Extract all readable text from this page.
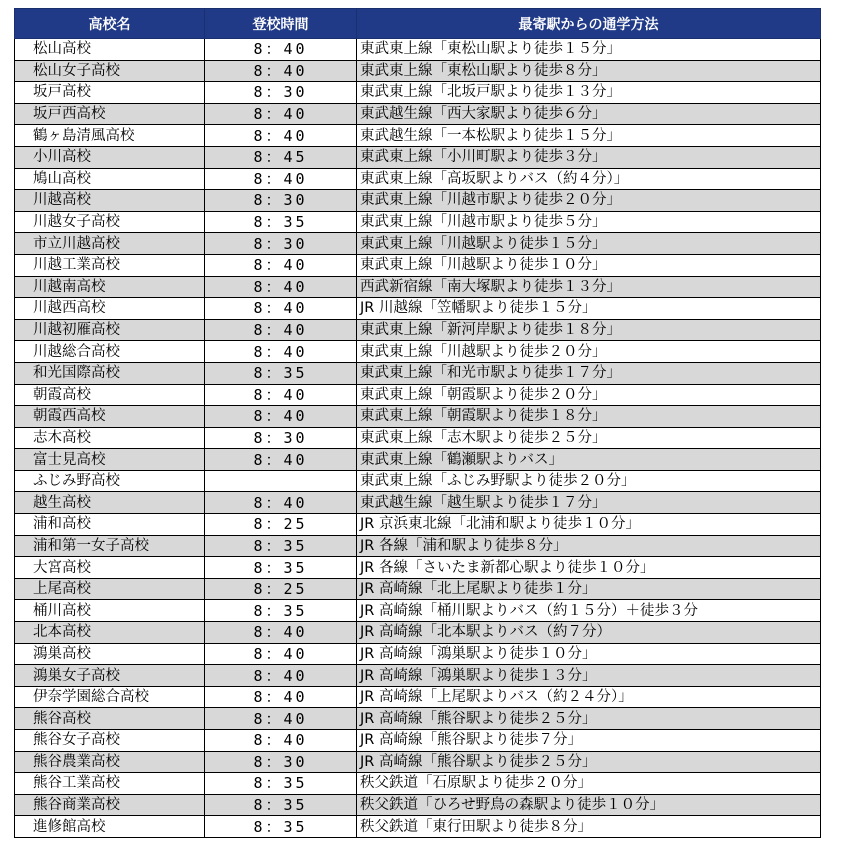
高校名	登校時間	最寄駅からの通学方法
松山高校	8：40	東武東上線「東松山駅より徒歩１５分」
松山女子高校	8：40	東武東上線「東松山駅より徒歩８分」
坂戸高校	8：30	東武東上線「北坂戸駅より徒歩１３分」
坂戸西高校	8：40	東武越生線「西大家駅より徒歩６分」
鶴ヶ島清風高校	8：40	東武越生線「一本松駅より徒歩１５分」
小川高校	8：45	東武東上線「小川町駅より徒歩３分」
鳩山高校	8：40	東武東上線「高坂駅よりバス（約４分）」
川越高校	8：30	東武東上線「川越市駅より徒歩２０分」
川越女子高校	8：35	東武東上線「川越市駅より徒歩５分」
市立川越高校	8：30	東武東上線「川越駅より徒歩１５分」
川越工業高校	8：40	東武東上線「川越駅より徒歩１０分」
川越南高校	8：40	西武新宿線「南大塚駅より徒歩１３分」
川越西高校	8：40	JR 川越線「笠幡駅より徒歩１５分」
川越初雁高校	8：40	東武東上線「新河岸駅より徒歩１８分」
川越総合高校	8：40	東武東上線「川越駅より徒歩２０分」
和光国際高校	8：35	東武東上線「和光市駅より徒歩１７分」
朝霞高校	8：40	東武東上線「朝霞駅より徒歩２０分」
朝霞西高校	8：40	東武東上線「朝霞駅より徒歩１８分」
志木高校	8：30	東武東上線「志木駅より徒歩２５分」
富士見高校	8：40	東武東上線「鶴瀬駅よりバス」
ふじみ野高校		東武東上線「ふじみ野駅より徒歩２０分」
越生高校	8：40	東武越生線「越生駅より徒歩１７分」
浦和高校	8：25	JR 京浜東北線「北浦和駅より徒歩１０分」
浦和第一女子高校	8：35	JR 各線「浦和駅より徒歩８分」
大宮高校	8：35	JR 各線「さいたま新都心駅より徒歩１０分」
上尾高校	8：25	JR 高崎線「北上尾駅より徒歩１分」
桶川高校	8：35	JR 高崎線「桶川駅よりバス（約１５分）＋徒歩３分
北本高校	8：40	JR 高崎線「北本駅よりバス（約７分）
鴻巣高校	8：40	JR 高崎線「鴻巣駅より徒歩１０分」
鴻巣女子高校	8：40	JR 高崎線「鴻巣駅より徒歩１３分」
伊奈学園総合高校	8：40	JR 高崎線「上尾駅よりバス（約２４分）」
熊谷高校	8：40	JR 高崎線「熊谷駅より徒歩２５分」
熊谷女子高校	8：40	JR 高崎線「熊谷駅より徒歩７分」
熊谷農業高校	8：30	JR 高崎線「熊谷駅より徒歩２５分」
熊谷工業高校	8：35	秩父鉄道「石原駅より徒歩２０分」
熊谷商業高校	8：35	秩父鉄道「ひろせ野鳥の森駅より徒歩１０分」
進修館高校	8：35	秩父鉄道「東行田駅より徒歩８分」
